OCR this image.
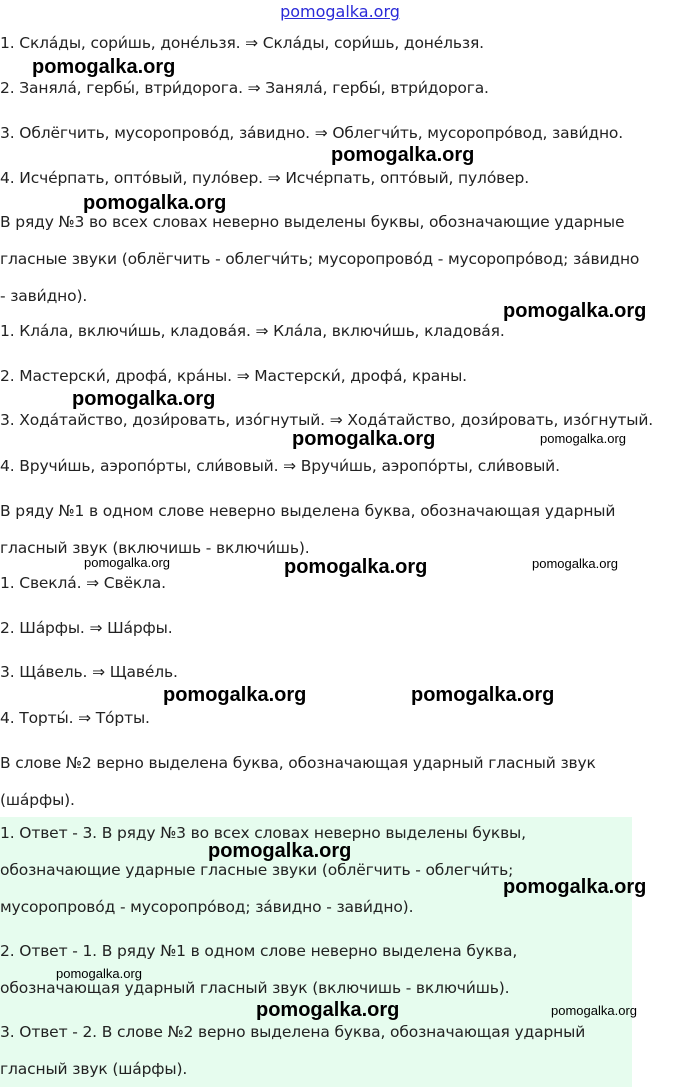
pomogalka.org
1. Скла́ды, сори́шь, доне́льзя. ⇒ Скла́ды, сори́шь, доне́льзя.
2. Заняла́, гербы́, втри́дорога. ⇒ Заняла́, гербы́, втри́дорога.
3. Облёгчить, мусоропрово́д, за́видно. ⇒ Облегчи́ть, мусоропро́вод, зави́дно.
4. Исче́рпать, опто́вый, пуло́вер. ⇒ Исче́рпать, опто́вый, пуло́вер.
В ряду №3 во всех словах неверно выделены буквы, обозначающие ударные
гласные звуки (облёгчить - облегчи́ть; мусоропрово́д - мусоропро́вод; за́видно
- зави́дно).
1. Кла́ла, включи́шь, кладова́я. ⇒ Кла́ла, включи́шь, кладова́я.
2. Мастерски́, дрофа́, кра́ны. ⇒ Мастерски́, дрофа́, краны.
3. Хода́тайство, дози́ровать, изо́гнутый. ⇒ Хода́тайство, дози́ровать, изо́гнутый.
4. Вручи́шь, аэропо́рты, сли́вовый. ⇒ Вручи́шь, аэропо́рты, сли́вовый.
В ряду №1 в одном слове неверно выделена буква, обозначающая ударный
гласный звук (включишь - включи́шь).
1. Свекла́. ⇒ Свёкла.
2. Ша́рфы. ⇒ Ша́рфы.
3. Ща́вель. ⇒ Щаве́ль.
4. Торты́. ⇒ То́рты.
В слове №2 верно выделена буква, обозначающая ударный гласный звук
(ша́рфы).
1. Ответ - 3. В ряду №3 во всех словах неверно выделены буквы,
обозначающие ударные гласные звуки (облёгчить - облегчи́ть;
мусоропрово́д - мусоропро́вод; за́видно - зави́дно).
2. Ответ - 1. В ряду №1 в одном слове неверно выделена буква,
обозначающая ударный гласный звук (включишь - включи́шь).
3. Ответ - 2. В слове №2 верно выделена буква, обозначающая ударный
гласный звук (ша́рфы).
pomogalka.org
pomogalka.org
pomogalka.org
pomogalka.org
pomogalka.org
pomogalka.org	pomogalka.org
pomogalka.org	pomogalka.org	pomogalka.org
pomogalka.org	pomogalka.org
pomogalka.org
pomogalka.org
pomogalka.org
pomogalka.org	pomogalka.org
